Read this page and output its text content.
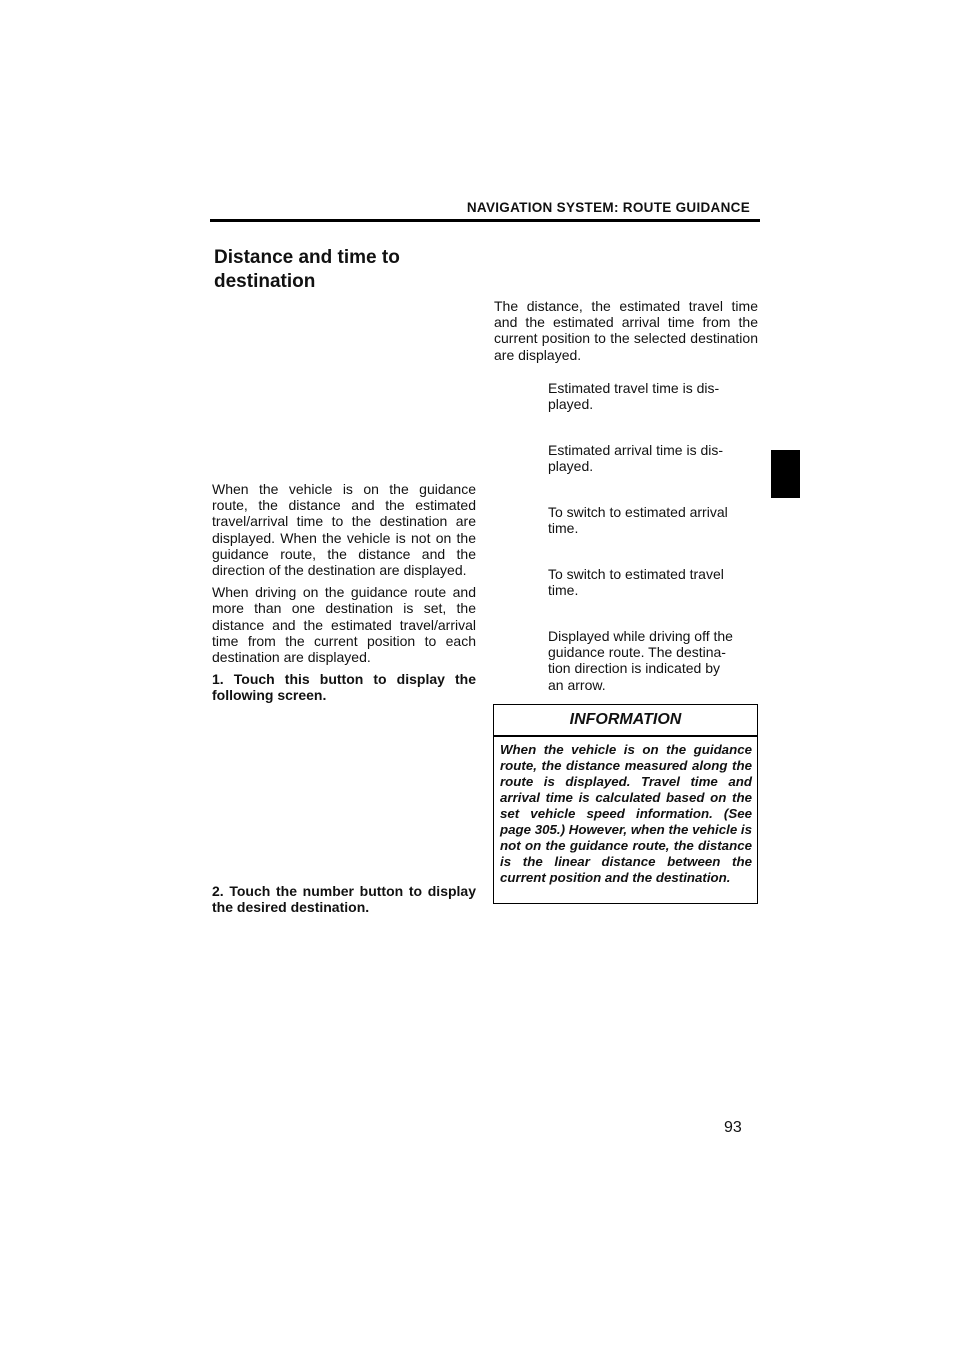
NAVIGATION SYSTEM: ROUTE GUIDANCE
Distance and time to
destination

The distance, the estimated travel time and the estimated arrival time from the current position to the selected destination are displayed.

Estimated travel time is dis-
played.
Estimated arrival time is dis-
played.
To switch to estimated arrival
time.
To switch to estimated travel
time.
Displayed while driving off the
guidance route. The destina-
tion direction is indicated by
an arrow.

When the vehicle is on the guidance route, the distance and the estimated travel/arrival time to the destination are displayed. When the vehicle is not on the guidance route, the distance and the direction of the destination are displayed.

When driving on the guidance route and more than one destination is set, the distance and the estimated travel/arrival time from the current position to each destination are displayed.

1. Touch this button to display the following screen.

2. Touch the number button to display the desired destination.
INFORMATION
When the vehicle is on the guidance route, the distance measured along the route is displayed. Travel time and arrival time is calculated based on the set vehicle speed information. (See page 305.) However, when the vehicle is not on the guidance route, the distance is the linear distance between the current position and the destination.
93
